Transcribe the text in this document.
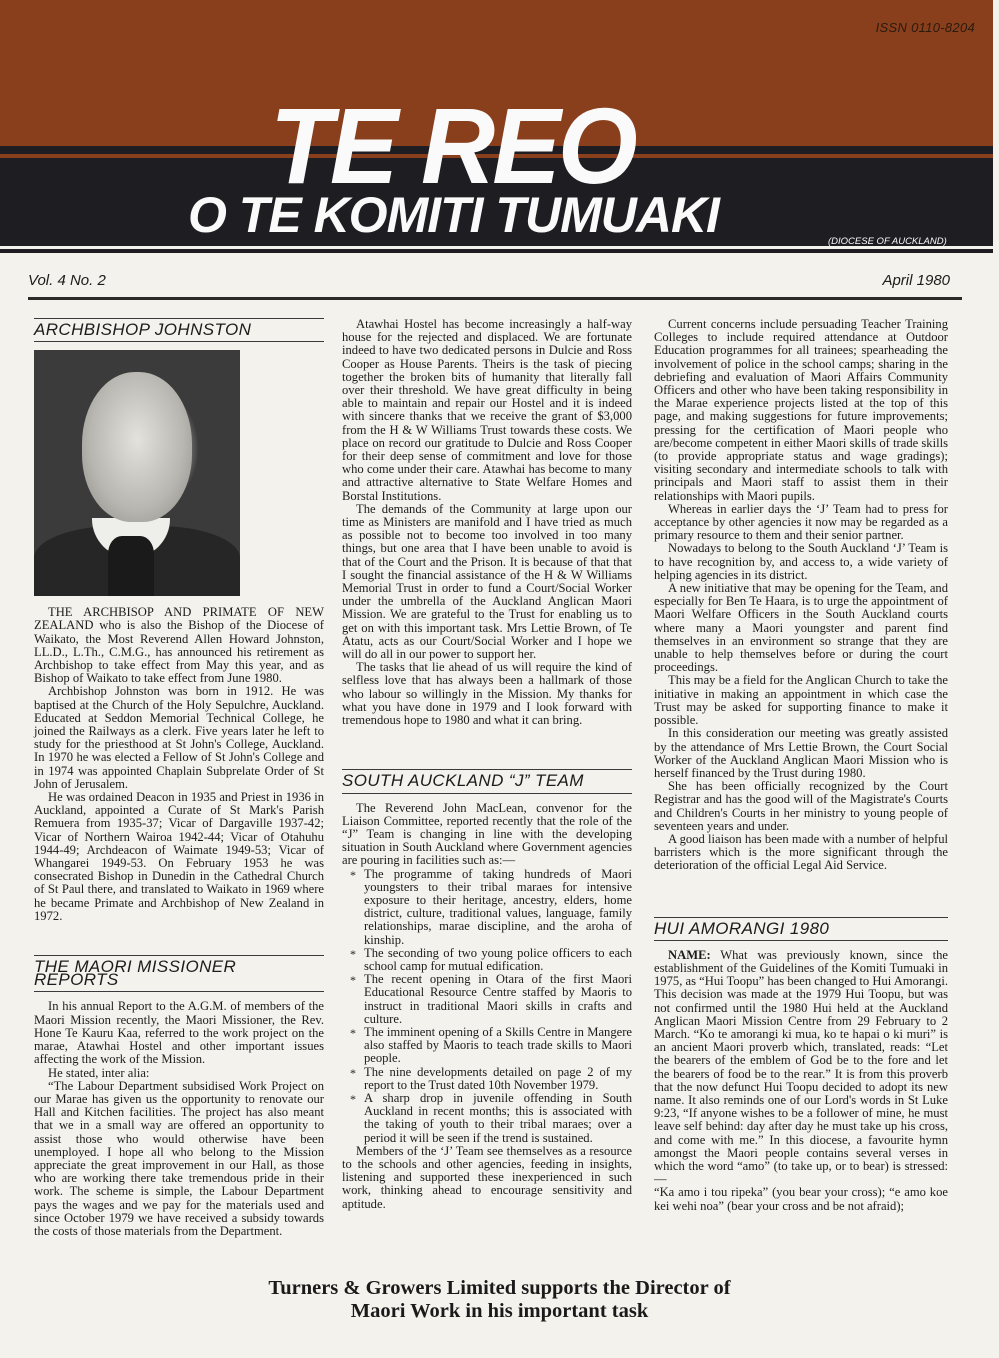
ISSN 0110-8204
TE REO
O TE KOMITI TUMUAKI	(DIOCESE OF AUCKLAND)
Vol. 4 No. 2	April 1980
ARCHBISHOP JOHNSTON

THE ARCHBISOP AND PRIMATE OF NEW ZEALAND who is also the Bishop of the Diocese of Waikato, the Most Reverend Allen Howard Johnston, LL.D., L.Th., C.M.G., has announced his retirement as Archbishop to take effect from May this year, and as Bishop of Waikato to take effect from June 1980.

Archbishop Johnston was born in 1912. He was baptised at the Church of the Holy Sepulchre, Auckland. Educated at Seddon Memorial Technical College, he joined the Railways as a clerk. Five years later he left to study for the priesthood at St John's College, Auckland. In 1970 he was elected a Fellow of St John's College and in 1974 was appointed Chaplain Subprelate Order of St John of Jerusalem.

He was ordained Deacon in 1935 and Priest in 1936 in Auckland, appointed a Curate of St Mark's Parish Remuera from 1935-37; Vicar of Dargaville 1937-42; Vicar of Northern Wairoa 1942-44; Vicar of Otahuhu 1944-49; Archdeacon of Waimate 1949-53; Vicar of Whangarei 1949-53. On February 1953 he was consecrated Bishop in Dunedin in the Cathedral Church of St Paul there, and translated to Waikato in 1969 where he became Primate and Archbishop of New Zealand in 1972.

THE MAORI MISSIONER REPORTS

In his annual Report to the A.G.M. of members of the Maori Mission recently, the Maori Missioner, the Rev. Hone Te Kauru Kaa, referred to the work project on the marae, Atawhai Hostel and other important issues affecting the work of the Mission.

He stated, inter alia:

“The Labour Department subsidised Work Project on our Marae has given us the opportunity to renovate our Hall and Kitchen facilities. The project has also meant that we in a small way are offered an opportunity to assist those who would otherwise have been unemployed. I hope all who belong to the Mission appreciate the great improvement in our Hall, as those who are working there take tremendous pride in their work. The scheme is simple, the Labour Department pays the wages and we pay for the materials used and since October 1979 we have received a subsidy towards the costs of those materials from the Department.

Atawhai Hostel has become increasingly a half-way house for the rejected and displaced. We are fortunate indeed to have two dedicated persons in Dulcie and Ross Cooper as House Parents. Theirs is the task of piecing together the broken bits of humanity that literally fall over their threshold. We have great difficulty in being able to maintain and repair our Hostel and it is indeed with sincere thanks that we receive the grant of $3,000 from the H & W Williams Trust towards these costs. We place on record our gratitude to Dulcie and Ross Cooper for their deep sense of commitment and love for those who come under their care. Atawhai has become to many and attractive alternative to State Welfare Homes and Borstal Institutions.

The demands of the Community at large upon our time as Ministers are manifold and I have tried as much as possible not to become too involved in too many things, but one area that I have been unable to avoid is that of the Court and the Prison. It is because of that that I sought the financial assistance of the H & W Williams Memorial Trust in order to fund a Court/Social Worker under the umbrella of the Auckland Anglican Maori Mission. We are grateful to the Trust for enabling us to get on with this important task. Mrs Lettie Brown, of Te Atatu, acts as our Court/Social Worker and I hope we will do all in our power to support her.

The tasks that lie ahead of us will require the kind of selfless love that has always been a hallmark of those who labour so willingly in the Mission. My thanks for what you have done in 1979 and I look forward with tremendous hope to 1980 and what it can bring.

SOUTH AUCKLAND “J” TEAM

The Reverend John MacLean, convenor for the Liaison Committee, reported recently that the role of the “J” Team is changing in line with the developing situation in South Auckland where Government agencies are pouring in facilities such as:—

* The programme of taking hundreds of Maori youngsters to their tribal maraes for intensive exposure to their heritage, ancestry, elders, home district, culture, traditional values, language, family relationships, marae discipline, and the aroha of kinship.
* The seconding of two young police officers to each school camp for mutual edification.
* The recent opening in Otara of the first Maori Educational Resource Centre staffed by Maoris to instruct in traditional Maori skills in crafts and culture.
* The imminent opening of a Skills Centre in Mangere also staffed by Maoris to teach trade skills to Maori people.
* The nine developments detailed on page 2 of my report to the Trust dated 10th November 1979.
* A sharp drop in juvenile offending in South Auckland in recent months; this is associated with the taking of youth to their tribal maraes; over a period it will be seen if the trend is sustained.

Members of the ‘J’ Team see themselves as a resource to the schools and other agencies, feeding in insights, listening and supported these inexperienced in such work, thinking ahead to encourage sensitivity and aptitude.

Current concerns include persuading Teacher Training Colleges to include required attendance at Outdoor Education programmes for all trainees; spearheading the involvement of police in the school camps; sharing in the debriefing and evaluation of Maori Affairs Community Officers and other who have been taking responsibility in the Marae experience projects listed at the top of this page, and making suggestions for future improvements; pressing for the certification of Maori people who are/become competent in either Maori skills of trade skills (to provide appropriate status and wage gradings); visiting secondary and intermediate schools to talk with principals and Maori staff to assist them in their relationships with Maori pupils.

Whereas in earlier days the ‘J’ Team had to press for acceptance by other agencies it now may be regarded as a primary resource to them and their senior partner.

Nowadays to belong to the South Auckland ‘J’ Team is to have recognition by, and access to, a wide variety of helping agencies in its district.

A new initiative that may be opening for the Team, and especially for Ben Te Haara, is to urge the appointment of Maori Welfare Officers in the South Auckland courts where many a Maori youngster and parent find themselves in an environment so strange that they are unable to help themselves before or during the court proceedings.

This may be a field for the Anglican Church to take the initiative in making an appointment in which case the Trust may be asked for supporting finance to make it possible.

In this consideration our meeting was greatly assisted by the attendance of Mrs Lettie Brown, the Court Social Worker of the Auckland Anglican Maori Mission who is herself financed by the Trust during 1980.

She has been officially recognized by the Court Registrar and has the good will of the Magistrate's Courts and Children's Courts in her ministry to young people of seventeen years and under.

A good liaison has been made with a number of helpful barristers which is the more significant through the deterioration of the official Legal Aid Service.

HUI AMORANGI 1980

NAME: What was previously known, since the establishment of the Guidelines of the Komiti Tumuaki in 1975, as “Hui Toopu” has been changed to Hui Amorangi. This decision was made at the 1979 Hui Toopu, but was not confirmed until the 1980 Hui held at the Auckland Anglican Maori Mission Centre from 29 February to 2 March. “Ko te amorangi ki mua, ko te hapai o ki muri” is an ancient Maori proverb which, translated, reads: “Let the bearers of the emblem of God be to the fore and let the bearers of food be to the rear.” It is from this proverb that the now defunct Hui Toopu decided to adopt its new name. It also reminds one of our Lord's words in St Luke 9:23, “If anyone wishes to be a follower of mine, he must leave self behind: day after day he must take up his cross, and come with me.” In this diocese, a favourite hymn amongst the Maori people contains several verses in which the word “amo” (to take up, or to bear) is stressed:—

“Ka amo i tou ripeka” (you bear your cross); “e amo koe kei wehi noa” (bear your cross and be not afraid);

Turners & Growers Limited supports the Director of
Maori Work in his important task
